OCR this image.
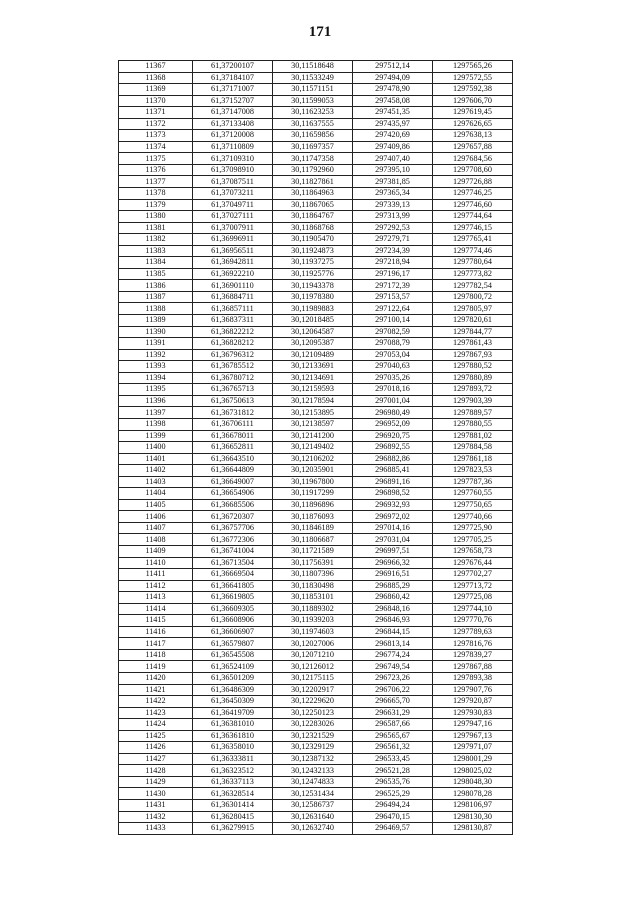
171
11367	61,37200107	30,11518648	297512,14	1297565,26
11368	61,37184107	30,11533249	297494,09	1297572,55
11369	61,37171007	30,11571151	297478,90	1297592,38
11370	61,37152707	30,11599053	297458,08	1297606,70
11371	61,37147008	30,11623253	297451,35	1297619,45
11372	61,37133408	30,11637555	297435,97	1297626,65
11373	61,37120008	30,11659856	297420,69	1297638,13
11374	61,37110809	30,11697357	297409,86	1297657,88
11375	61,37109310	30,11747358	297407,40	1297684,56
11376	61,37098910	30,11792960	297395,10	1297708,60
11377	61,37087511	30,11827861	297381,85	1297726,88
11378	61,37073211	30,11864963	297365,34	1297746,25
11379	61,37049711	30,11867065	297339,13	1297746,60
11380	61,37027111	30,11864767	297313,99	1297744,64
11381	61,37007911	30,11868768	297292,53	1297746,15
11382	61,36996911	30,11905470	297279,71	1297765,41
11383	61,36956511	30,11924873	297234,39	1297774,46
11384	61,36942811	30,11937275	297218,94	1297780,64
11385	61,36922210	30,11925776	297196,17	1297773,82
11386	61,36901110	30,11943378	297172,39	1297782,54
11387	61,36884711	30,11978380	297153,57	1297800,72
11388	61,36857111	30,11989883	297122,64	1297805,97
11389	61,36837311	30,12018485	297100,14	1297820,61
11390	61,36822212	30,12064587	297082,59	1297844,77
11391	61,36828212	30,12095387	297088,79	1297861,43
11392	61,36796312	30,12109489	297053,04	1297867,93
11393	61,36785512	30,12133691	297040,63	1297880,52
11394	61,36780712	30,12134691	297035,26	1297880,89
11395	61,36765713	30,12159593	297018,16	1297893,72
11396	61,36750613	30,12178594	297001,04	1297903,39
11397	61,36731812	30,12153895	296980,49	1297889,57
11398	61,36706111	30,12138597	296952,09	1297880,55
11399	61,36678011	30,12141200	296920,75	1297881,02
11400	61,36652811	30,12149402	296892,55	1297884,58
11401	61,36643510	30,12106202	296882,86	1297861,18
11402	61,36644809	30,12035901	296885,41	1297823,53
11403	61,36649007	30,11967800	296891,16	1297787,36
11404	61,36654906	30,11917299	296898,52	1297760,55
11405	61,36685506	30,11896896	296932,93	1297750,65
11406	61,36720307	30,11876093	296972,02	1297740,66
11407	61,36757706	30,11846189	297014,16	1297725,90
11408	61,36772306	30,11806687	297031,04	1297705,25
11409	61,36741004	30,11721589	296997,51	1297658,73
11410	61,36713504	30,11756391	296966,32	1297676,44
11411	61,36669504	30,11807396	296916,51	1297702,27
11412	61,36641805	30,11830498	296885,29	1297713,72
11413	61,36619805	30,11853101	296860,42	1297725,08
11414	61,36609305	30,11889302	296848,16	1297744,10
11415	61,36608906	30,11939203	296846,93	1297770,76
11416	61,36606907	30,11974603	296844,15	1297789,63
11417	61,36579807	30,12027006	296813,14	1297816,76
11418	61,36545508	30,12071210	296774,24	1297839,27
11419	61,36524109	30,12126012	296749,54	1297867,88
11420	61,36501209	30,12175115	296723,26	1297893,38
11421	61,36486309	30,12202917	296706,22	1297907,76
11422	61,36450309	30,12229620	296665,70	1297920,87
11423	61,36419709	30,12250123	296631,29	1297930,83
11424	61,36381010	30,12283026	296587,66	1297947,16
11425	61,36361810	30,12321529	296565,67	1297967,13
11426	61,36358010	30,12329129	296561,32	1297971,07
11427	61,36333811	30,12387132	296533,45	1298001,29
11428	61,36323512	30,12432133	296521,28	1298025,02
11429	61,36337113	30,12474833	296535,76	1298048,30
11430	61,36328514	30,12531434	296525,29	1298078,28
11431	61,36301414	30,12586737	296494,24	1298106,97
11432	61,36280415	30,12631640	296470,15	1298130,30
11433	61,36279915	30,12632740	296469,57	1298130,87
